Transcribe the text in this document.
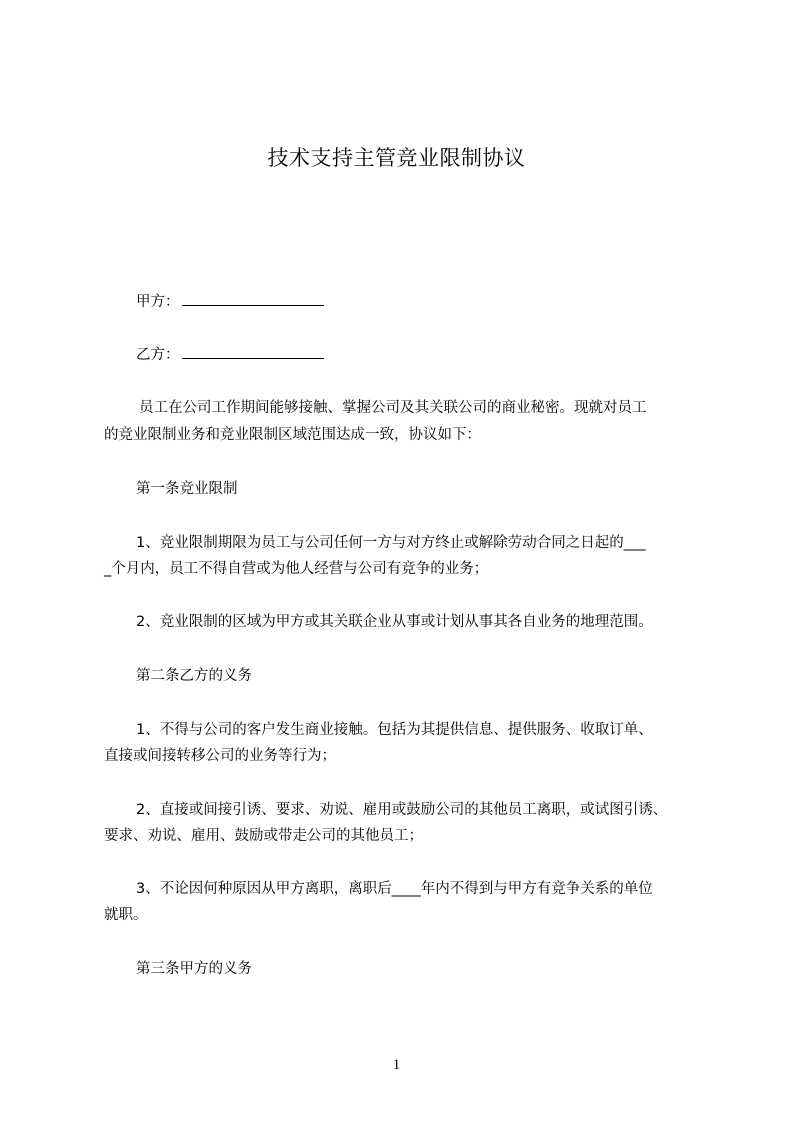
技术支持主管竞业限制协议
甲方：
乙方：
员工在公司工作期间能够接触、掌握公司及其关联公司的商业秘密。现就对员工
的竞业限制业务和竞业限制区域范围达成一致，协议如下：
第一条竞业限制
1、竞业限制期限为员工与公司任何一方与对方终止或解除劳动合同之日起的___
_个月内，员工不得自营或为他人经营与公司有竞争的业务；
2、竞业限制的区域为甲方或其关联企业从事或计划从事其各自业务的地理范围。
第二条乙方的义务
1、不得与公司的客户发生商业接触。包括为其提供信息、提供服务、收取订单、
直接或间接转移公司的业务等行为；
2、直接或间接引诱、要求、劝说、雇用或鼓励公司的其他员工离职，或试图引诱、
要求、劝说、雇用、鼓励或带走公司的其他员工；
3、不论因何种原因从甲方离职，离职后____年内不得到与甲方有竞争关系的单位
就职。
第三条甲方的义务
1
